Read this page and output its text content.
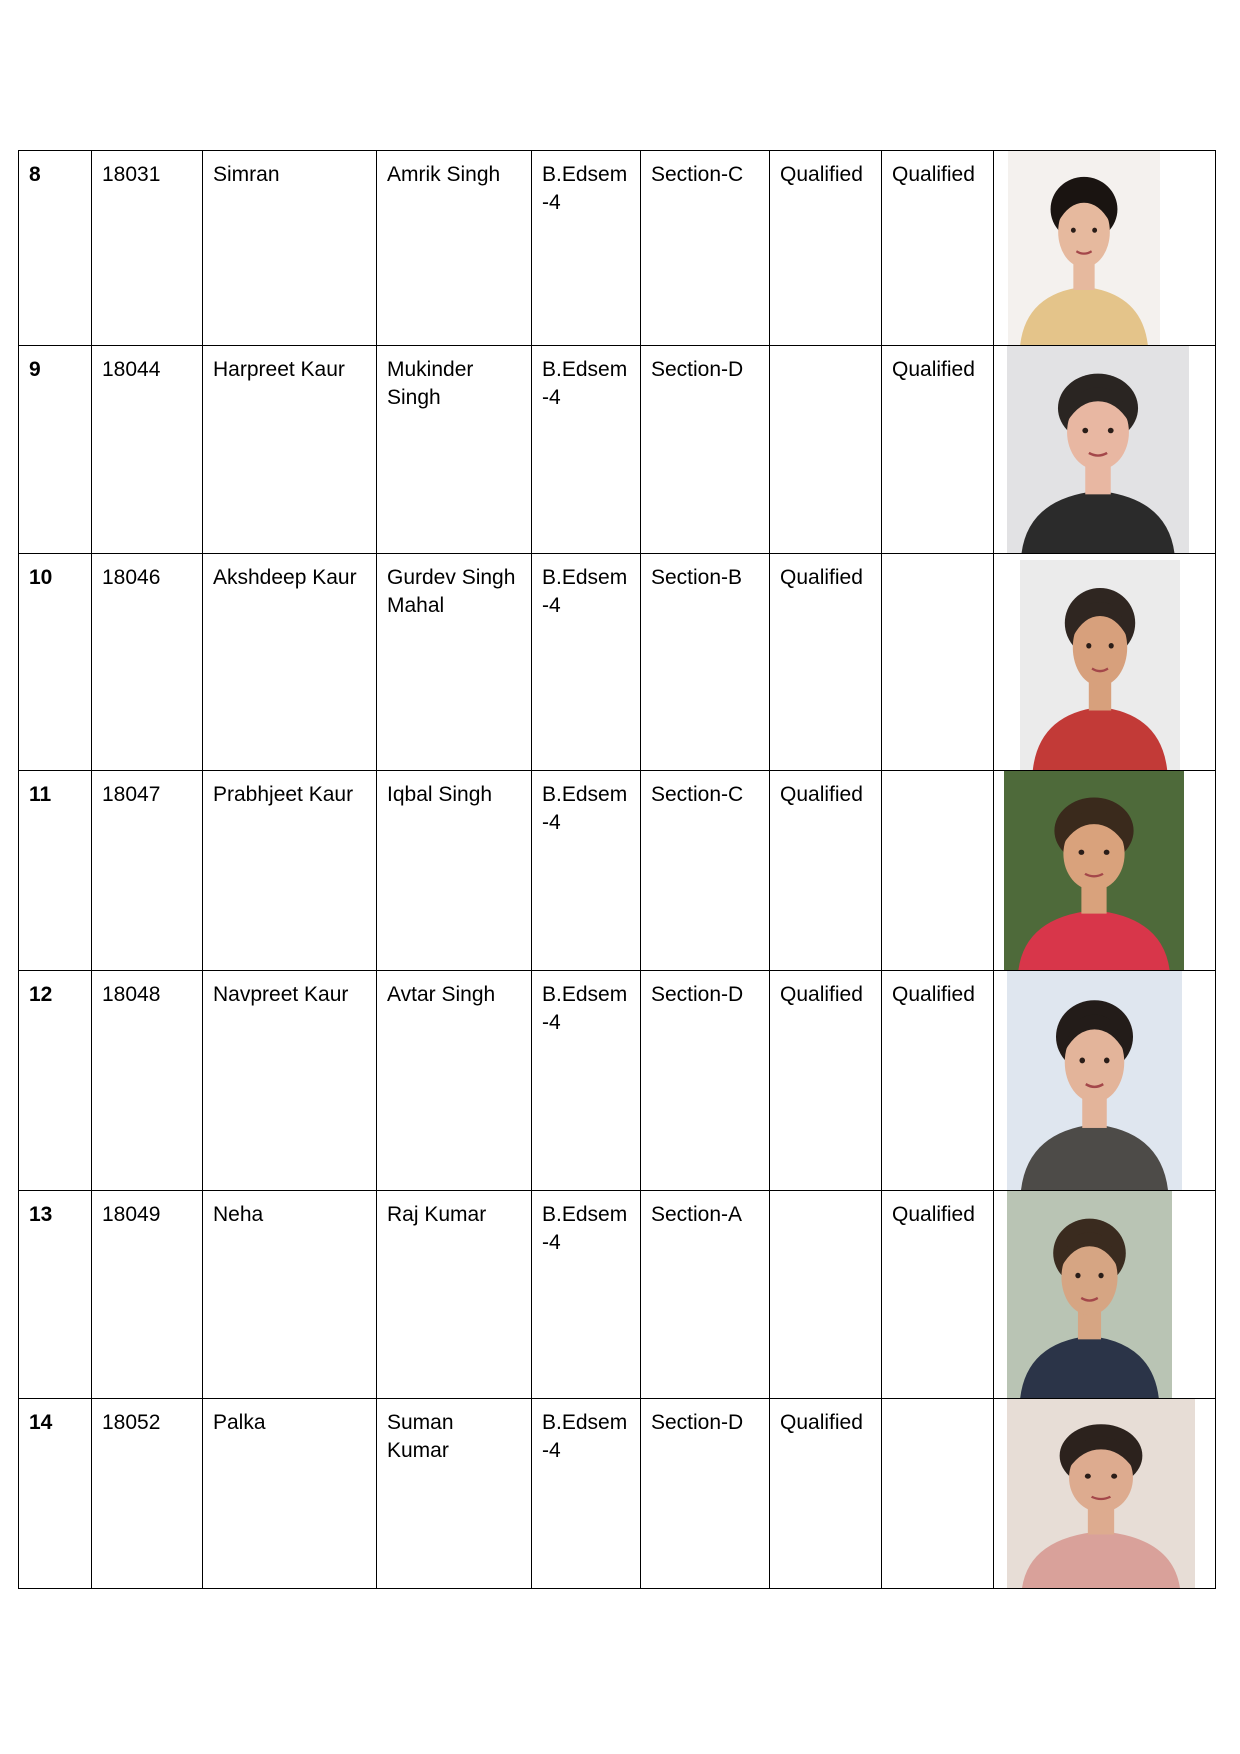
8	18031	Simran	Amrik Singh	B.Edsem-4	Section-C	Qualified	Qualified	

9	18044	Harpreet Kaur	Mukinder Singh	B.Edsem-4	Section-D		Qualified	

10	18046	Akshdeep Kaur	Gurdev Singh Mahal	B.Edsem-4	Section-B	Qualified		

11	18047	Prabhjeet Kaur	Iqbal Singh	B.Edsem-4	Section-C	Qualified		

12	18048	Navpreet Kaur	Avtar Singh	B.Edsem-4	Section-D	Qualified	Qualified	

13	18049	Neha	Raj Kumar	B.Edsem-4	Section-A		Qualified	

14	18052	Palka	Suman Kumar	B.Edsem-4	Section-D	Qualified		
